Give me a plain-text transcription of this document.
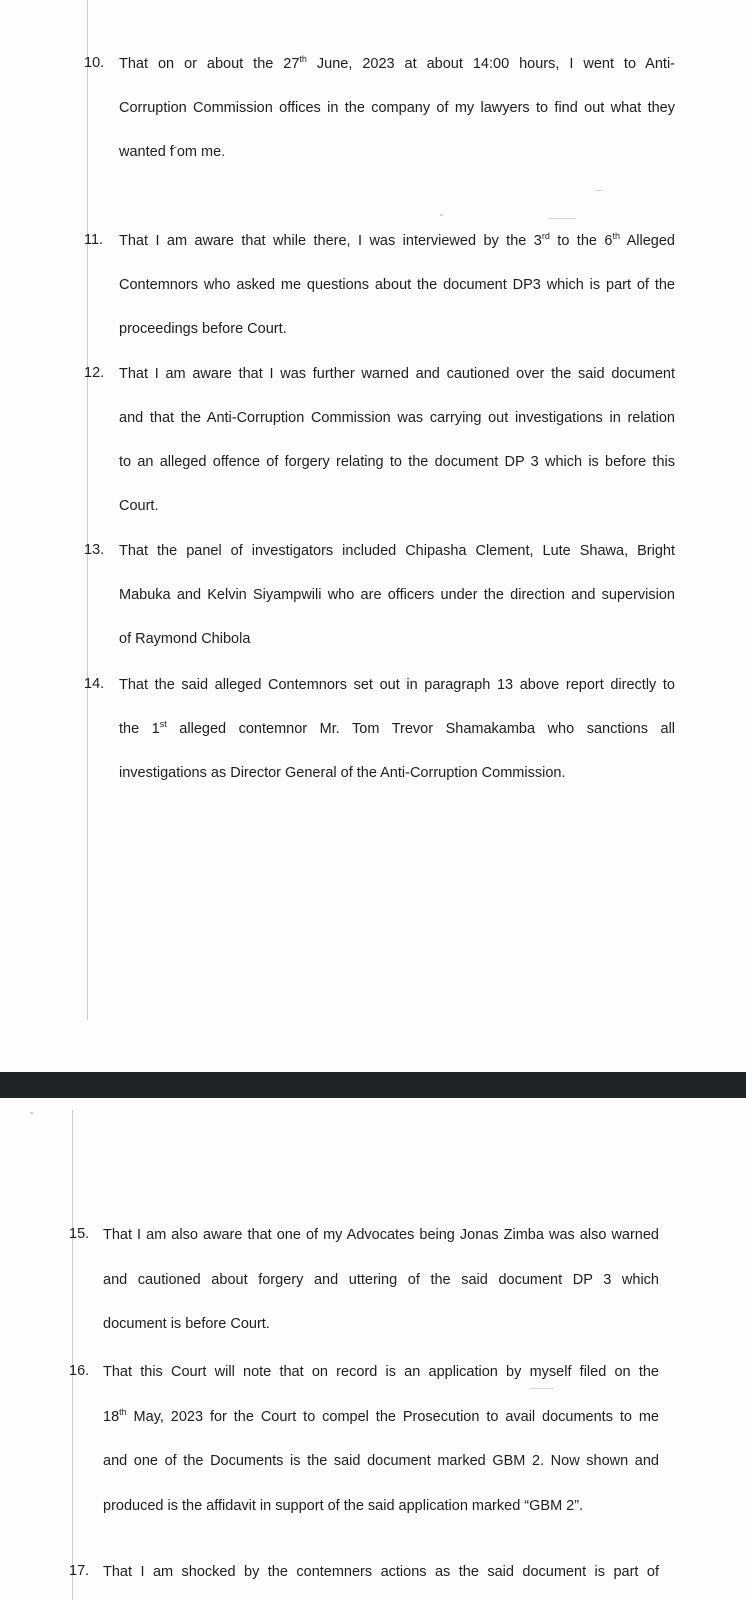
10. That on or about the 27th June, 2023 at about 14:00 hours, I went to Anti-
Corruption Commission offices in the company of my lawyers to find out what they
wanted f-om me.
11. That I am aware that while there, I was interviewed by the 3rd to the 6th Alleged
Contemnors who asked me questions about the document DP3 which is part of the
proceedings before Court.
12. That I am aware that I was further warned and cautioned over the said document
and that the Anti-Corruption Commission was carrying out investigations in relation
to an alleged offence of forgery relating to the document DP 3 which is before this
Court.
13. That the panel of investigators included Chipasha Clement, Lute Shawa, Bright
Mabuka and Kelvin Siyampwili who are officers under the direction and supervision
of Raymond Chibola
14. That the said alleged Contemnors set out in paragraph 13 above report directly to
the 1st alleged contemnor Mr. Tom Trevor Shamakamba who sanctions all
investigations as Director General of the Anti-Corruption Commission.
15. That I am also aware that one of my Advocates being Jonas Zimba was also warned
and cautioned about forgery and uttering of the said document DP 3 which
document is before Court.
16. That this Court will note that on record is an application by myself filed on the
18th May, 2023 for the Court to compel the Prosecution to avail documents to me
and one of the Documents is the said document marked GBM 2. Now shown and
produced is the affidavit in support of the said application marked “GBM 2”.
17. That I am shocked by the contemners actions as the said document is part of
